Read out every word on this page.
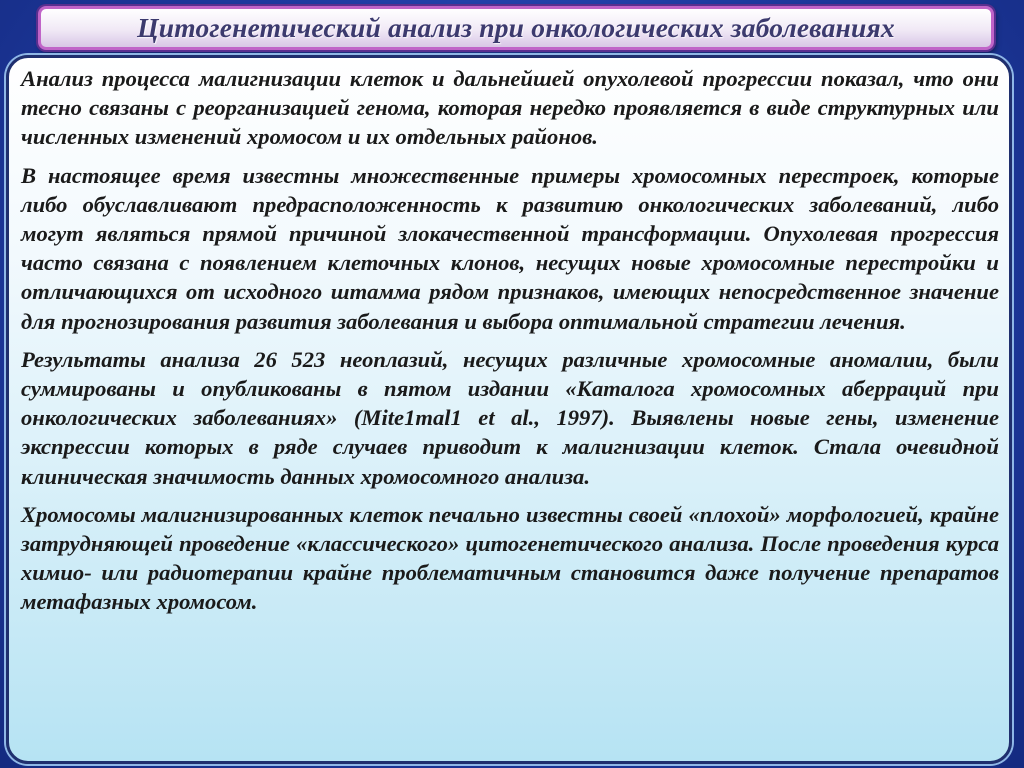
Цитогенетический анализ при онкологических заболеваниях

Анализ процесса малигнизации клеток и дальнейшей опухолевой прогрессии показал, что они тесно связаны с реорганизацией генома, которая нередко проявляется в виде структурных или численных изменений хромосом и их отдельных районов.

В настоящее время известны множественные примеры хромосомных перестроек, которые либо обуславливают предрасположенность к развитию онкологических заболеваний, либо могут являться прямой причиной злокачественной трансформации. Опухолевая прогрессия часто связана с появлением клеточных клонов, несущих новые хромосомные перестройки и отличающихся от исходного штамма рядом признаков, имеющих непосредственное значение для прогнозирования развития заболевания и выбора оптимальной стратегии лечения.

Результаты анализа 26 523 неоплазий, несущих различные хромосомные аномалии, были суммированы и опубликованы в пятом издании «Каталога хромосомных аберраций при онкологических заболеваниях» (Mite1mal1 et al., 1997). Выявлены новые гены, изменение экспрессии которых в ряде случаев приводит к малигнизации клеток. Стала очевидной клиническая значимость данных хромосомного анализа.

Хромосомы малигнизированных клеток печально известны своей «плохой» морфологией, крайне затрудняющей проведение «классического» цитогенетического анализа. После проведения курса химио- или радиотерапии крайне проблематичным становится даже получение препаратов метафазных хромосом.
